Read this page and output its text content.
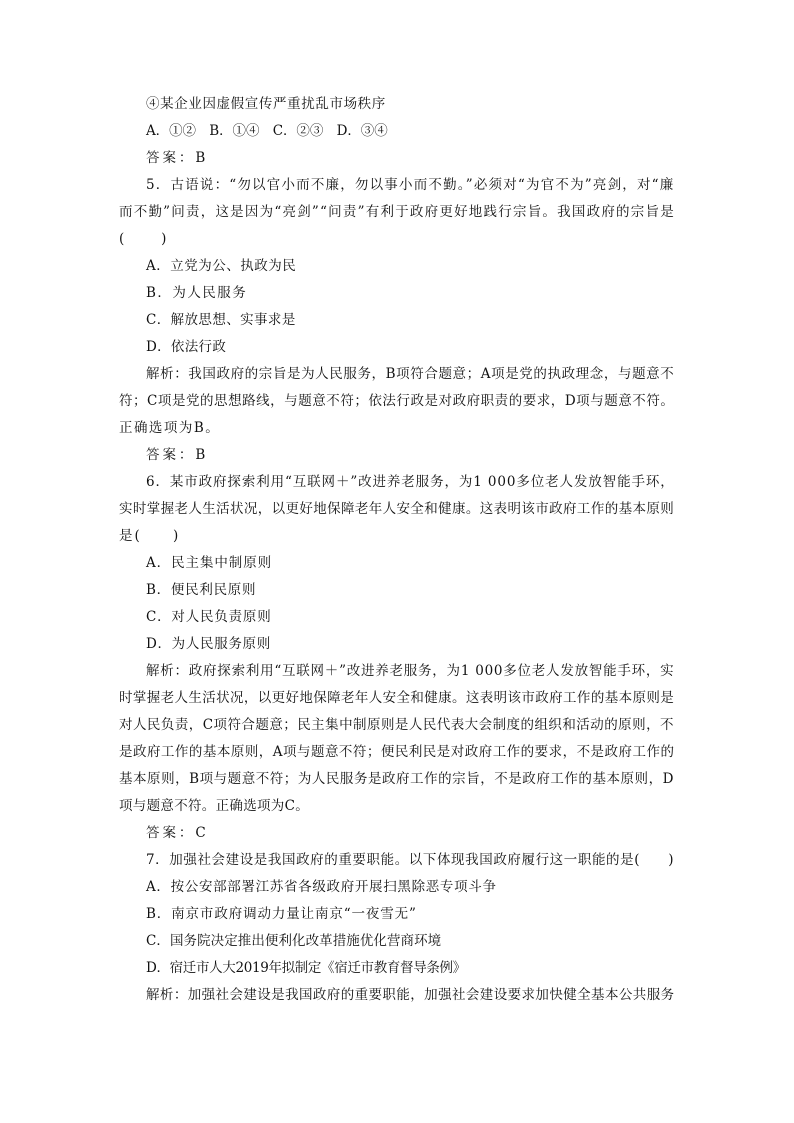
④某企业因虚假宣传严重扰乱市场秩序
A．①②　B．①④　C．②③　D．③④
答案：B
5．古语说：“勿以官小而不廉，勿以事小而不勤。”必须对“为官不为”亮剑，对“廉
而不勤”问责，这是因为“亮剑”“问责”有利于政府更好地践行宗旨。我国政府的宗旨是
(　　)
A．立党为公、执政为民
B．为人民服务
C．解放思想、实事求是
D．依法行政
解析：我国政府的宗旨是为人民服务，B项符合题意；A项是党的执政理念，与题意不
符；C项是党的思想路线，与题意不符；依法行政是对政府职责的要求，D项与题意不符。
正确选项为B。
答案：B
6．某市政府探索利用“互联网＋”改进养老服务，为1 000多位老人发放智能手环，
实时掌握老人生活状况，以更好地保障老年人安全和健康。这表明该市政府工作的基本原则
是(　　)
A．民主集中制原则
B．便民利民原则
C．对人民负责原则
D．为人民服务原则
解析：政府探索利用“互联网＋”改进养老服务，为1 000多位老人发放智能手环，实
时掌握老人生活状况，以更好地保障老年人安全和健康。这表明该市政府工作的基本原则是
对人民负责，C项符合题意；民主集中制原则是人民代表大会制度的组织和活动的原则，不
是政府工作的基本原则，A项与题意不符；便民利民是对政府工作的要求，不是政府工作的
基本原则，B项与题意不符；为人民服务是政府工作的宗旨，不是政府工作的基本原则，D
项与题意不符。正确选项为C。
答案：C
7．加强社会建设是我国政府的重要职能。以下体现我国政府履行这一职能的是(　　)
A．按公安部部署江苏省各级政府开展扫黑除恶专项斗争
B．南京市政府调动力量让南京“一夜雪无”
C．国务院决定推出便利化改革措施优化营商环境
D．宿迁市人大2019年拟制定《宿迁市教育督导条例》
解析：加强社会建设是我国政府的重要职能，加强社会建设要求加快健全基本公共服务
